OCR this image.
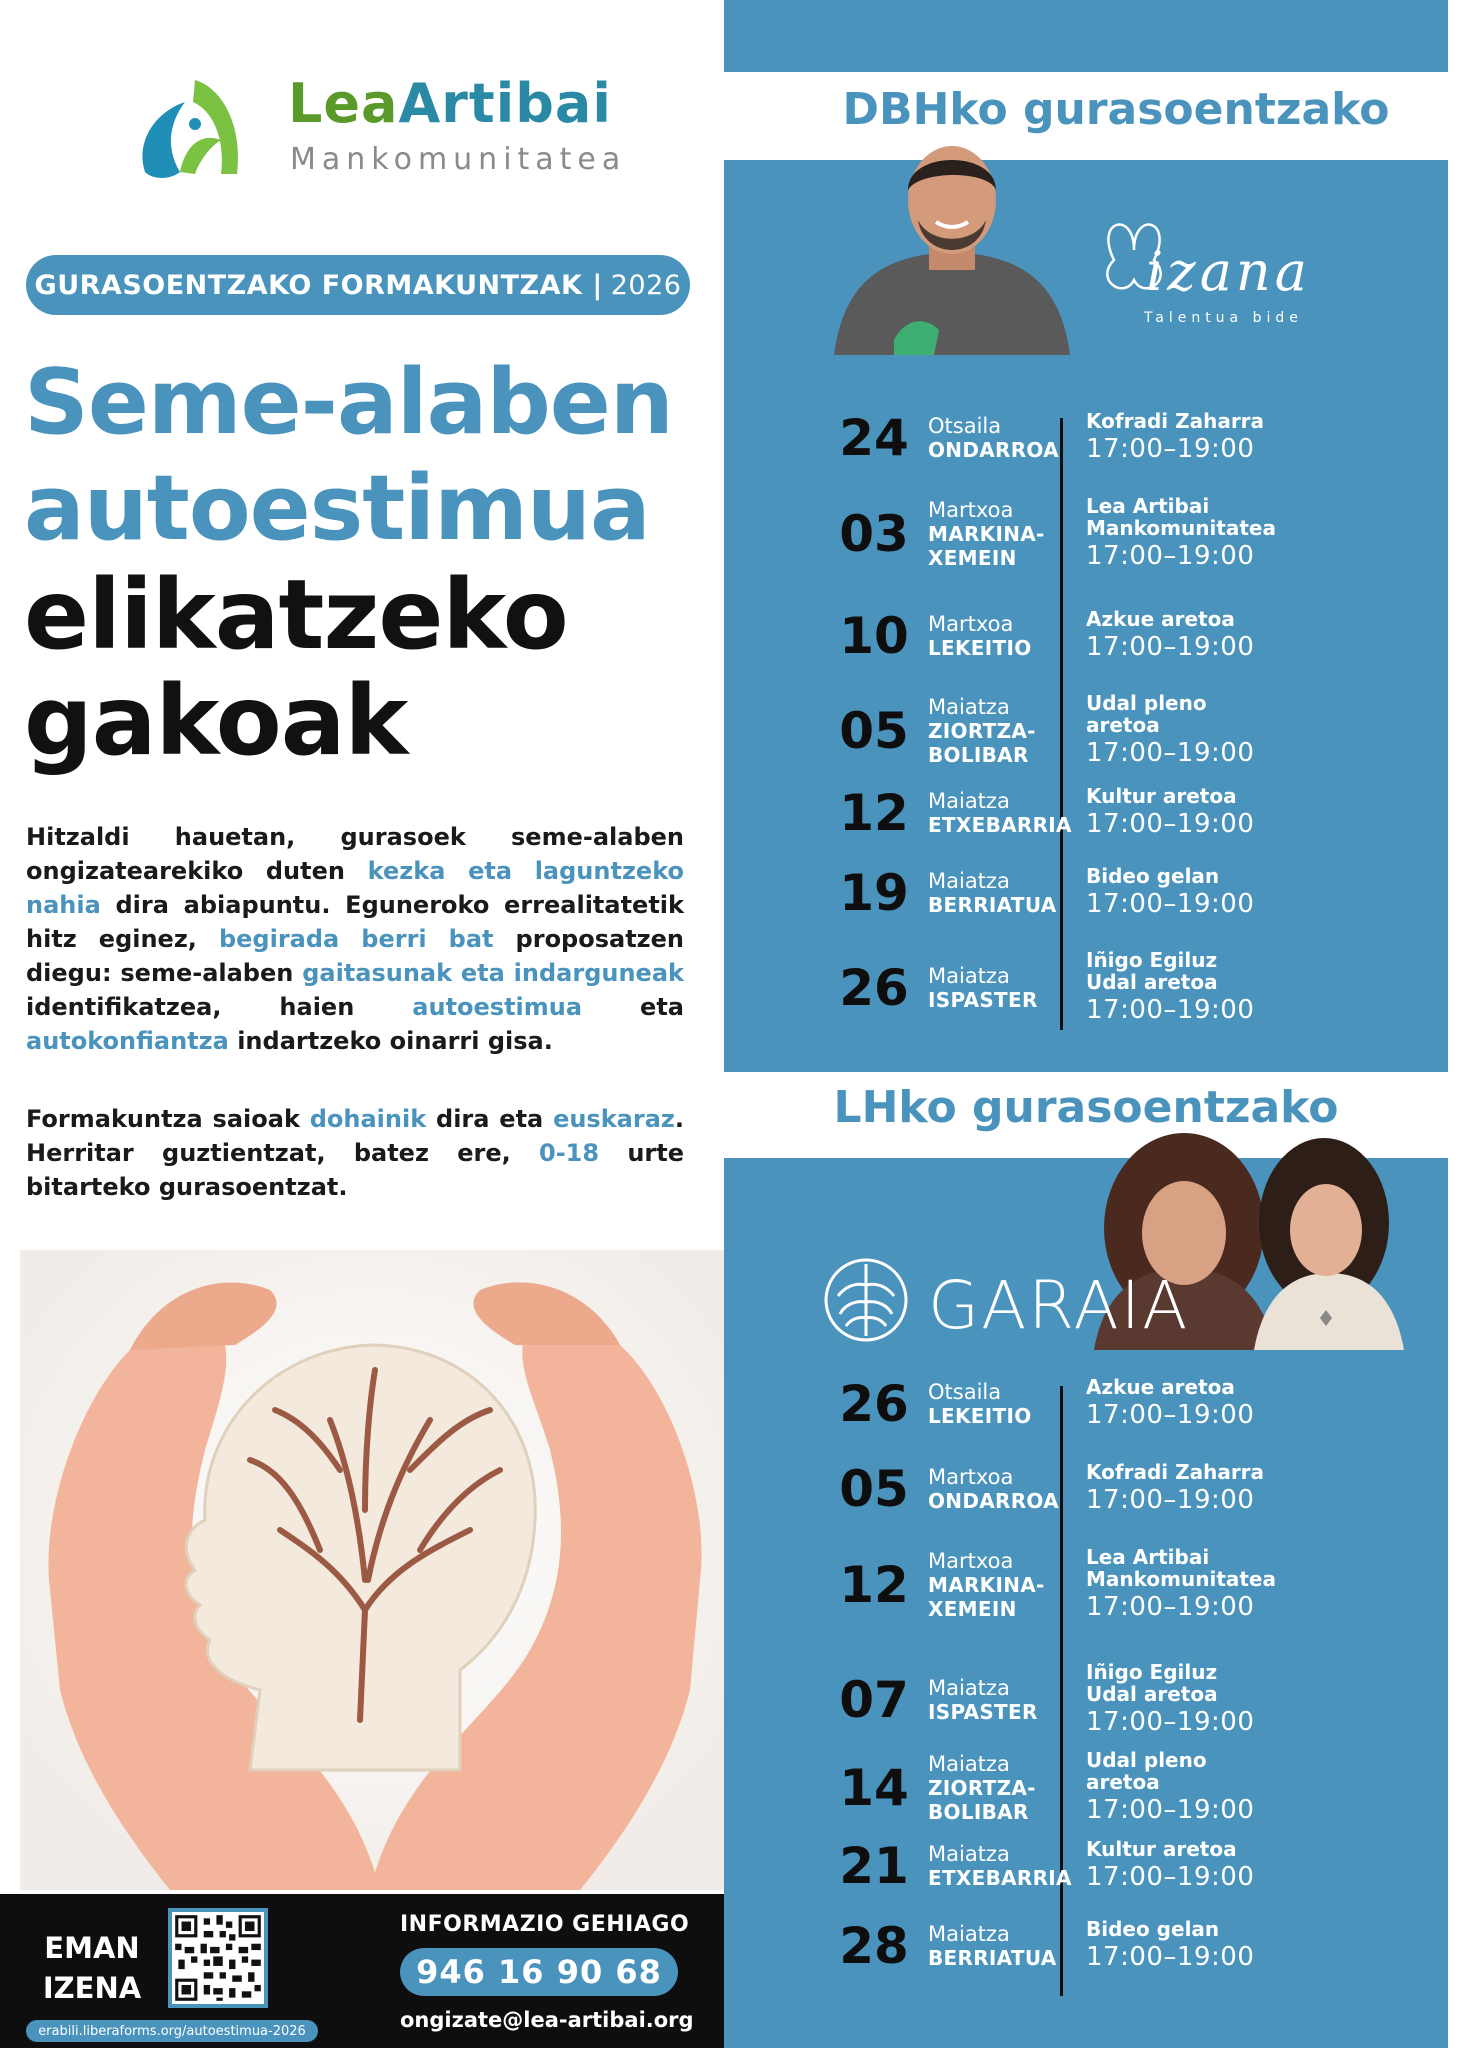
LeaArtibai
Mankomunitatea
GURASOENTZAKO FORMAKUNTZAK | 2026
Seme-alaben
autoestimua
elikatzeko
gakoak

Hitzaldi hauetan, gurasoek seme-alaben ongizatearekiko duten kezka eta laguntzeko nahia dira abiapuntu. Eguneroko errealitatetik hitz eginez, begirada berri bat proposatzen diegu: seme-alaben gaitasunak eta indarguneak identifikatzea, haien autoestimua eta autokonfiantza indartzeko oinarri gisa.

Formakuntza saioak dohainik dira eta euskaraz. Herritar guztientzat, batez ere, 0-18 urte bitarteko gurasoentzat.

EMAN
IZENA
erabili.liberaforms.org/autoestimua-2026
INFORMAZIO GEHIAGO
946 16 90 68
ongizate@lea-artibai.org
DBHko gurasoentzako
izana
Talentua bide
24 Otsaila
ONDARROA
Kofradi Zaharra
17:00–19:00
03 Martxoa
MARKINA-
XEMEIN
Lea Artibai
Mankomunitatea
17:00–19:00
10 Martxoa
LEKEITIO
Azkue aretoa
17:00–19:00
05 Maiatza
ZIORTZA-
BOLIBAR
Udal pleno
aretoa
17:00–19:00
12 Maiatza
ETXEBARRIA
Kultur aretoa
17:00–19:00
19 Maiatza
BERRIATUA
Bideo gelan
17:00–19:00
26 Maiatza
ISPASTER
Iñigo Egiluz
Udal aretoa
17:00–19:00
LHko gurasoentzako
GARAIA
26 Otsaila
LEKEITIO
Azkue aretoa
17:00–19:00
05 Martxoa
ONDARROA
Kofradi Zaharra
17:00–19:00
12 Martxoa
MARKINA-
XEMEIN
Lea Artibai
Mankomunitatea
17:00–19:00
07 Maiatza
ISPASTER
Iñigo Egiluz
Udal aretoa
17:00–19:00
14 Maiatza
ZIORTZA-
BOLIBAR
Udal pleno
aretoa
17:00–19:00
21 Maiatza
ETXEBARRIA
Kultur aretoa
17:00–19:00
28 Maiatza
BERRIATUA
Bideo gelan
17:00–19:00
